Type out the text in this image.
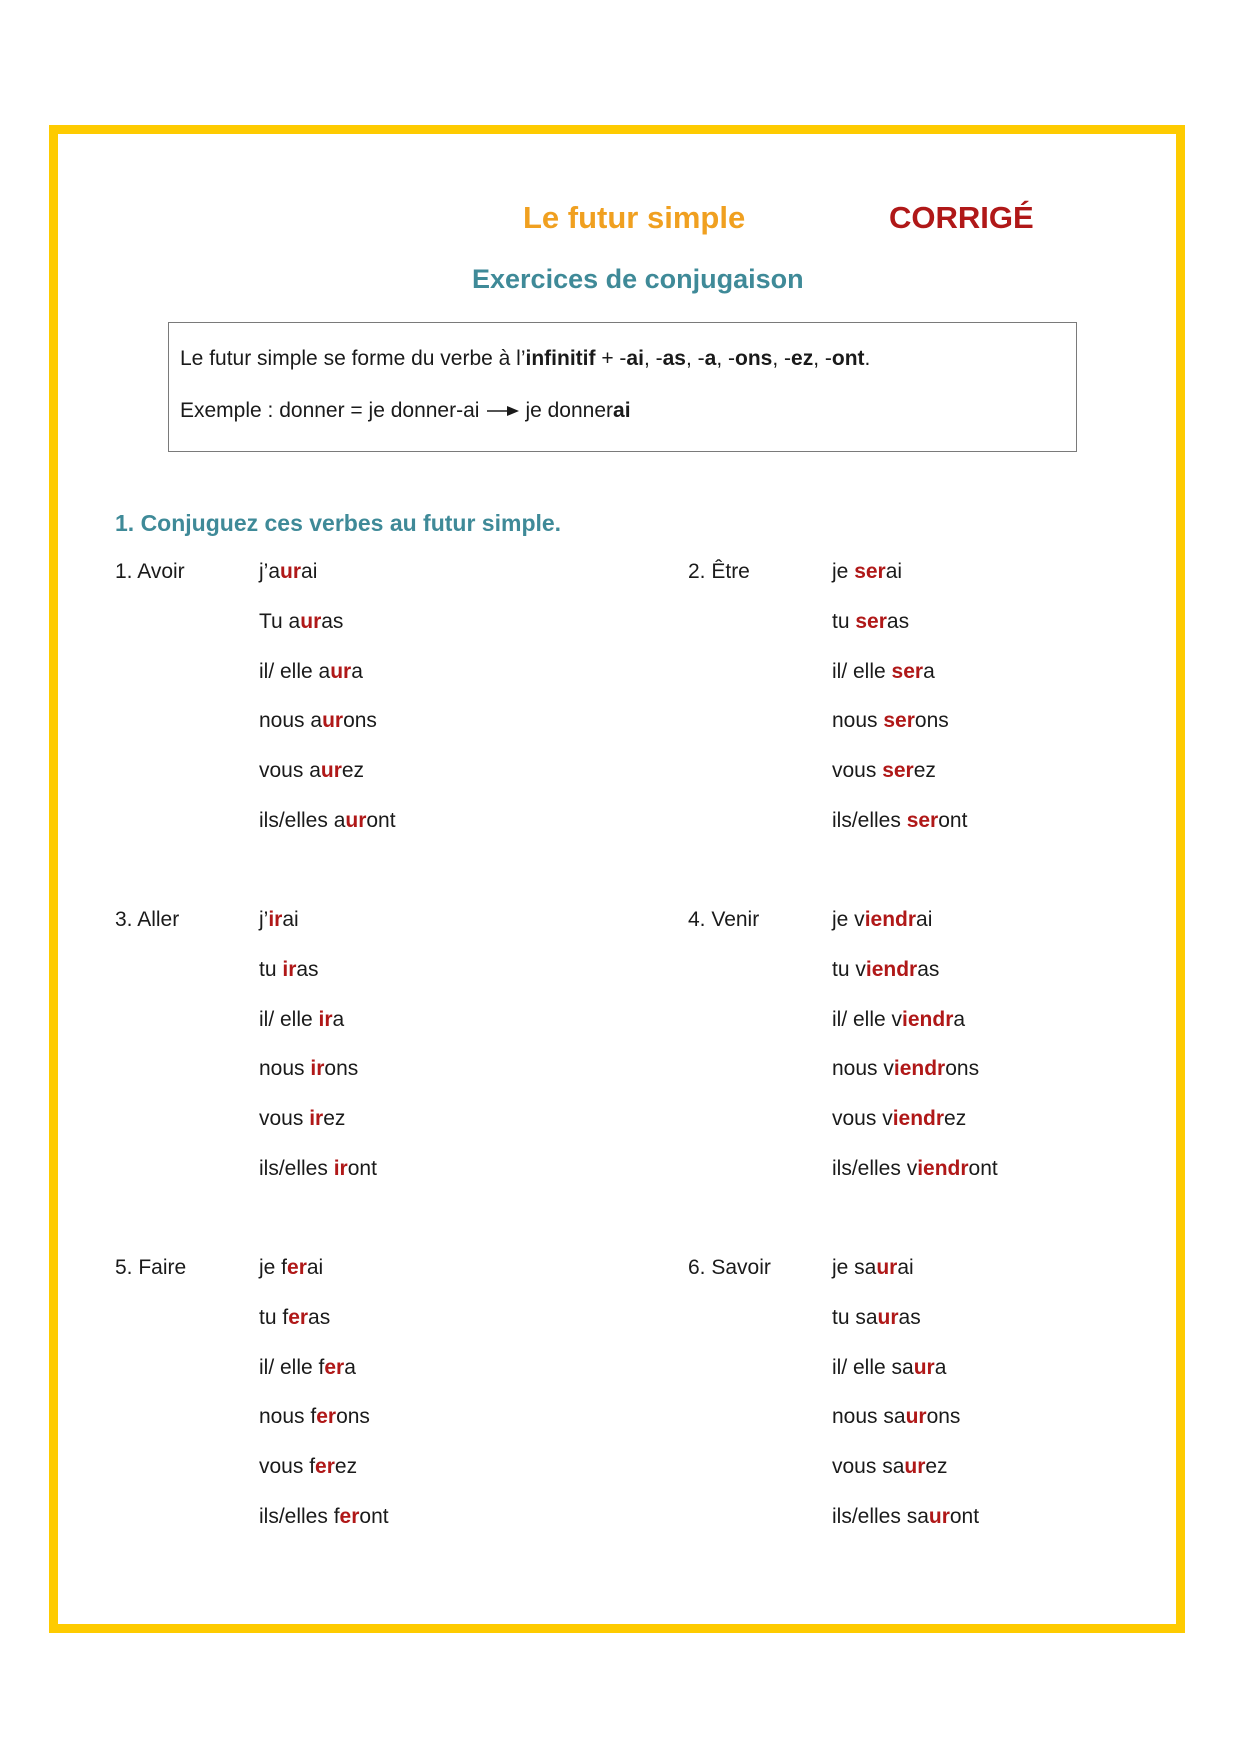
Le futur simple	CORRIGÉ
Exercices de conjugaison
Le futur simple se forme du verbe à l’infinitif + -ai, -as, -a, -ons, -ez, -ont.
Exemple : donner = je donner-ai je donnerai
1. Conjuguez ces verbes au futur simple.
1. Avoir	j’aurai
Tu auras
il/ elle aura
nous aurons
vous aurez
ils/elles auront
2. Être	je serai
tu seras
il/ elle sera
nous serons
vous serez
ils/elles seront
3. Aller	j’irai
tu iras
il/ elle ira
nous irons
vous irez
ils/elles iront
4. Venir	je viendrai
tu viendras
il/ elle viendra
nous viendrons
vous viendrez
ils/elles viendront
5. Faire	je ferai
tu feras
il/ elle fera
nous ferons
vous ferez
ils/elles feront
6. Savoir	je saurai
tu sauras
il/ elle saura
nous saurons
vous saurez
ils/elles sauront
